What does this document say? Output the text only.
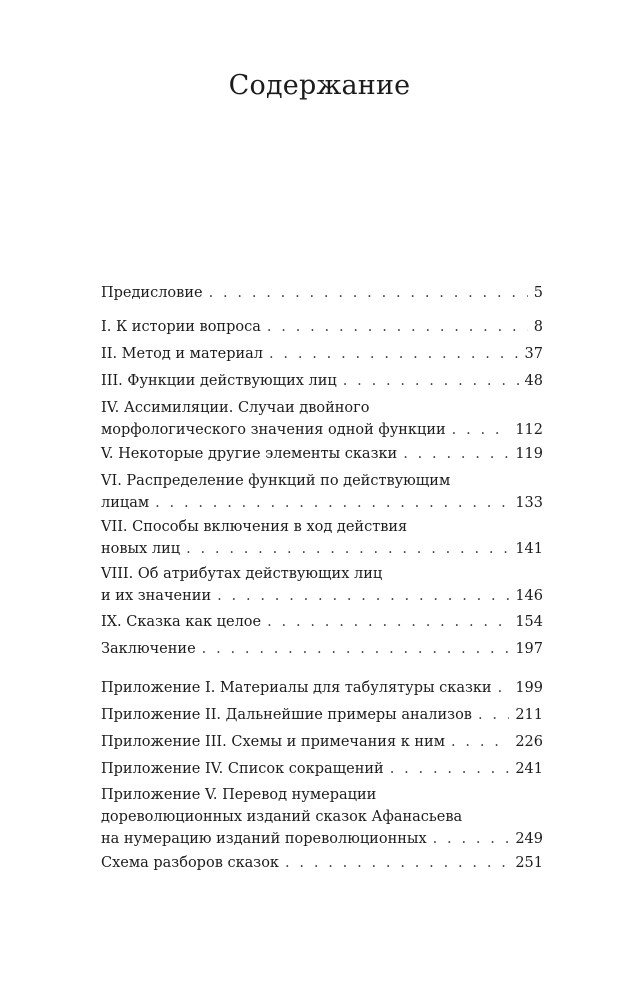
Содержание
Предисловие . . .	5
I. К истории вопроса . . .	8
II. Метод и материал . . .	37
III. Функции действующих лиц . . .	48
IV. Ассимиляции. Случаи двойного
морфологического значения одной функции . . .	112
V. Некоторые другие элементы сказки . . .	119
VI. Распределение функций по действующим
лицам . . .	133
VII. Способы включения в ход действия
новых лиц . . .	141
VIII. Об атрибутах действующих лиц
и их значении . . .	146
IX. Сказка как целое . . .	154
Заключение . . .	197
Приложение I. Материалы для табулятуры сказки . . . 199
Приложение II. Дальнейшие примеры анализов . . .	211
Приложение III. Схемы и примечания к ним . . .	226
Приложение IV. Список сокращений . . .	241
Приложение V. Перевод нумерации
дореволюционных изданий сказок Афанасьева
на нумерацию изданий пореволюционных . . .	249
Схема разборов сказок . . .	251
